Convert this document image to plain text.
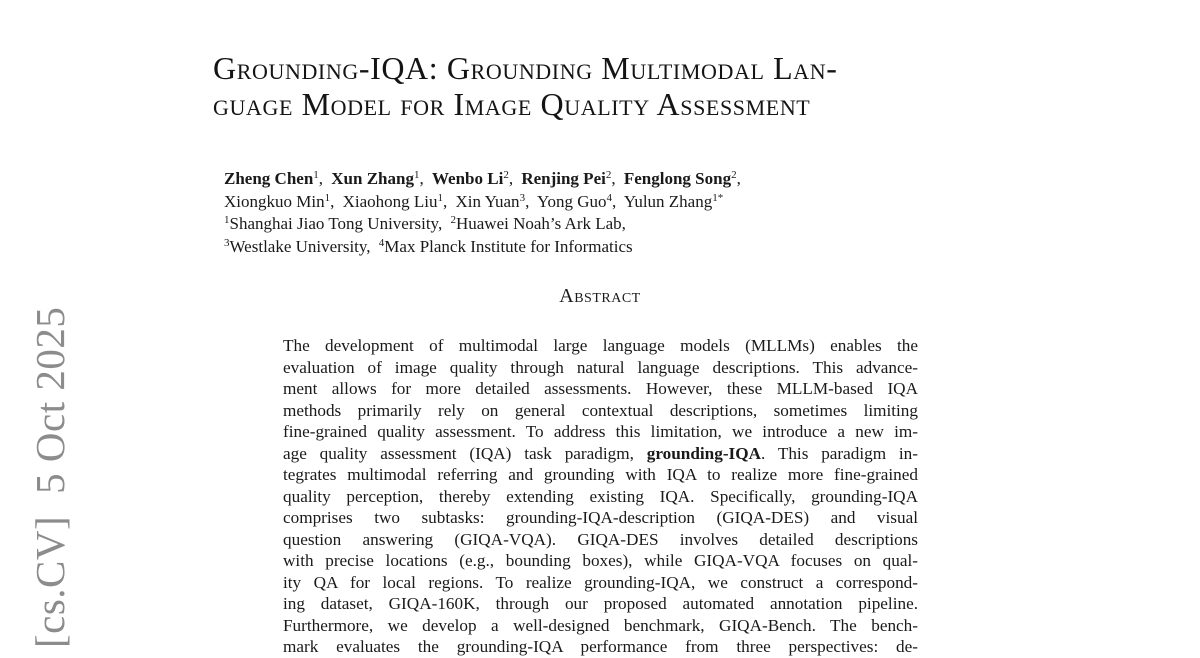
[cs.CV]5 Oct 2025
Grounding-IQA: Grounding Multimodal Lan-
guage Model for Image Quality Assessment
Zheng Chen$^1$, Xun Zhang$^1$, Wenbo Li$^2$, Renjing Pei$^2$, Fenglong Song$^2$,
Xiongkuo Min$^1$, Xiaohong Liu$^1$, Xin Yuan$^3$, Yong Guo$^4$, Yulun Zhang$^{1*}$
$^1$Shanghai Jiao Tong University, $^2$Huawei Noah’s Ark Lab,
$^3$Westlake University, $^4$Max Planck Institute for Informatics
Abstract
The development of multimodal large language models (MLLMs) enables the
evaluation of image quality through natural language descriptions. This advance-
ment allows for more detailed assessments. However, these MLLM-based IQA
methods primarily rely on general contextual descriptions, sometimes limiting
fine-grained quality assessment. To address this limitation, we introduce a new im-
age quality assessment (IQA) task paradigm, grounding-IQA. This paradigm in-
tegrates multimodal referring and grounding with IQA to realize more fine-grained
quality perception, thereby extending existing IQA. Specifically, grounding-IQA
comprises two subtasks: grounding-IQA-description (GIQA-DES) and visual
question answering (GIQA-VQA). GIQA-DES involves detailed descriptions
with precise locations (e.g., bounding boxes), while GIQA-VQA focuses on qual-
ity QA for local regions. To realize grounding-IQA, we construct a correspond-
ing dataset, GIQA-160K, through our proposed automated annotation pipeline.
Furthermore, we develop a well-designed benchmark, GIQA-Bench. The bench-
mark evaluates the grounding-IQA performance from three perspectives: de-
